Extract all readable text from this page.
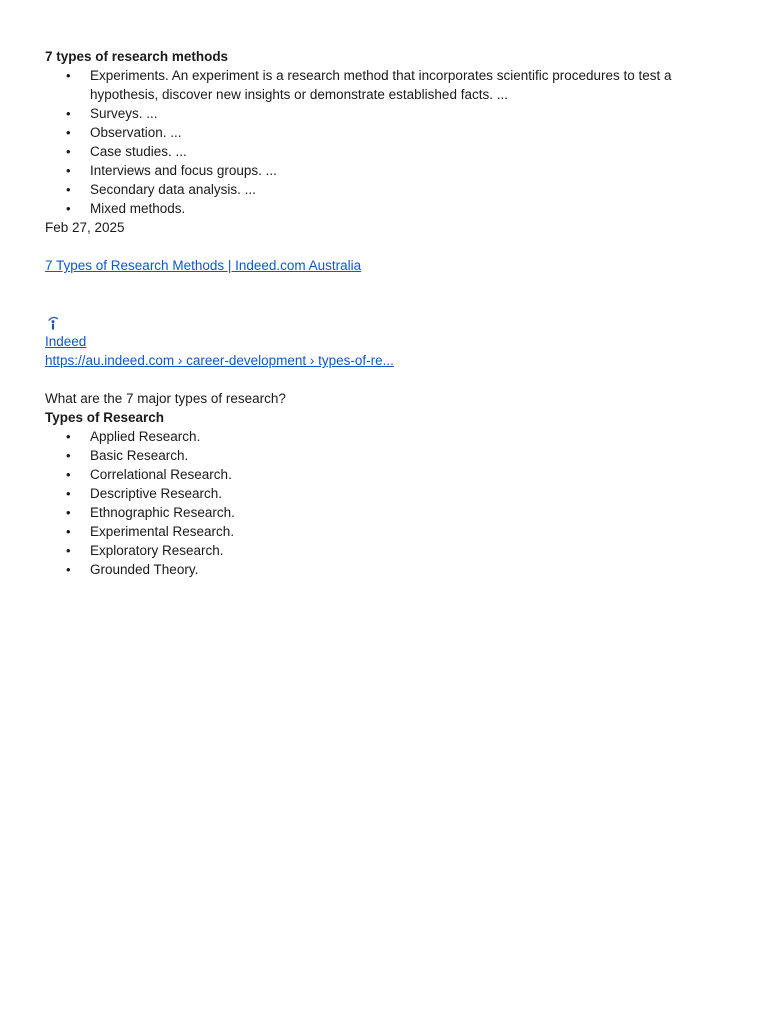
7 types of research methods
• Experiments. An experiment is a research method that incorporates scientific procedures to test a hypothesis, discover new insights or demonstrate established facts. ...
• Surveys. ...
• Observation. ...
• Case studies. ...
• Interviews and focus groups. ...
• Secondary data analysis. ...
• Mixed methods.
Feb 27, 2025
7 Types of Research Methods | Indeed.com Australia
Indeed
https://au.indeed.com › career-development › types-of-re...
What are the 7 major types of research?
Types of Research
• Applied Research.
• Basic Research.
• Correlational Research.
• Descriptive Research.
• Ethnographic Research.
• Experimental Research.
• Exploratory Research.
• Grounded Theory.
